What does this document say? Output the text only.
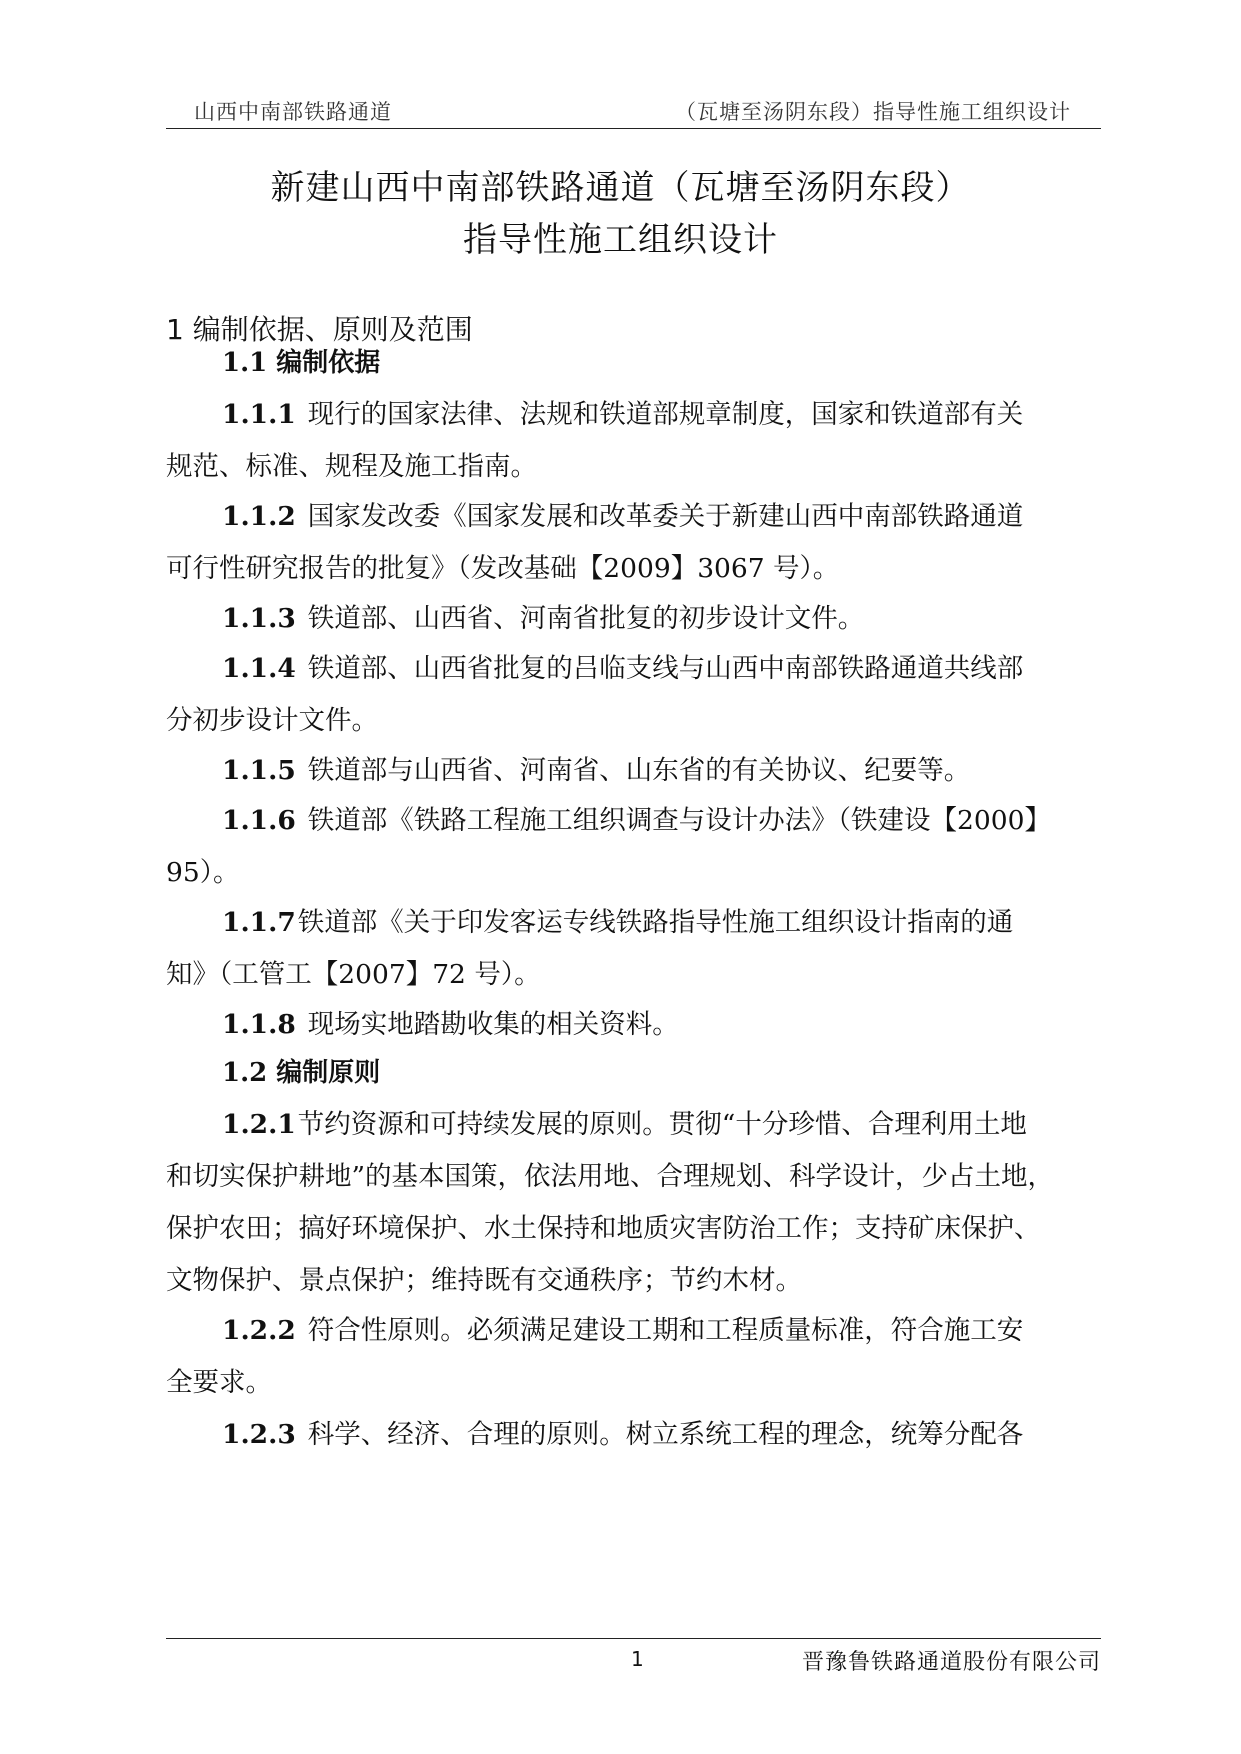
山西中南部铁路通道	（瓦塘至汤阴东段）指导性施工组织设计
新建山西中南部铁路通道（瓦塘至汤阴东段）
指导性施工组织设计
1 编制依据、原则及范围
1.1 编制依据
1.1.1 现行的国家法律、法规和铁道部规章制度，国家和铁道部有关
规范、标准、规程及施工指南。
1.1.2 国家发改委《国家发展和改革委关于新建山西中南部铁路通道
可行性研究报告的批复》（发改基础【2009】3067 号）。
1.1.3 铁道部、山西省、河南省批复的初步设计文件。
1.1.4 铁道部、山西省批复的吕临支线与山西中南部铁路通道共线部
分初步设计文件。
1.1.5 铁道部与山西省、河南省、山东省的有关协议、纪要等。
1.1.6 铁道部《铁路工程施工组织调查与设计办法》（铁建设【2000】
95）。
1.1.7铁道部《关于印发客运专线铁路指导性施工组织设计指南的通
知》（工管工【2007】72 号）。
1.1.8 现场实地踏勘收集的相关资料。
1.2 编制原则
1.2.1节约资源和可持续发展的原则。贯彻“十分珍惜、合理利用土地
和切实保护耕地”的基本国策，依法用地、合理规划、科学设计，少占土地，
保护农田；搞好环境保护、水土保持和地质灾害防治工作；支持矿床保护、
文物保护、景点保护；维持既有交通秩序；节约木材。
1.2.2 符合性原则。必须满足建设工期和工程质量标准，符合施工安
全要求。
1.2.3 科学、经济、合理的原则。树立系统工程的理念，统筹分配各
1	晋豫鲁铁路通道股份有限公司
